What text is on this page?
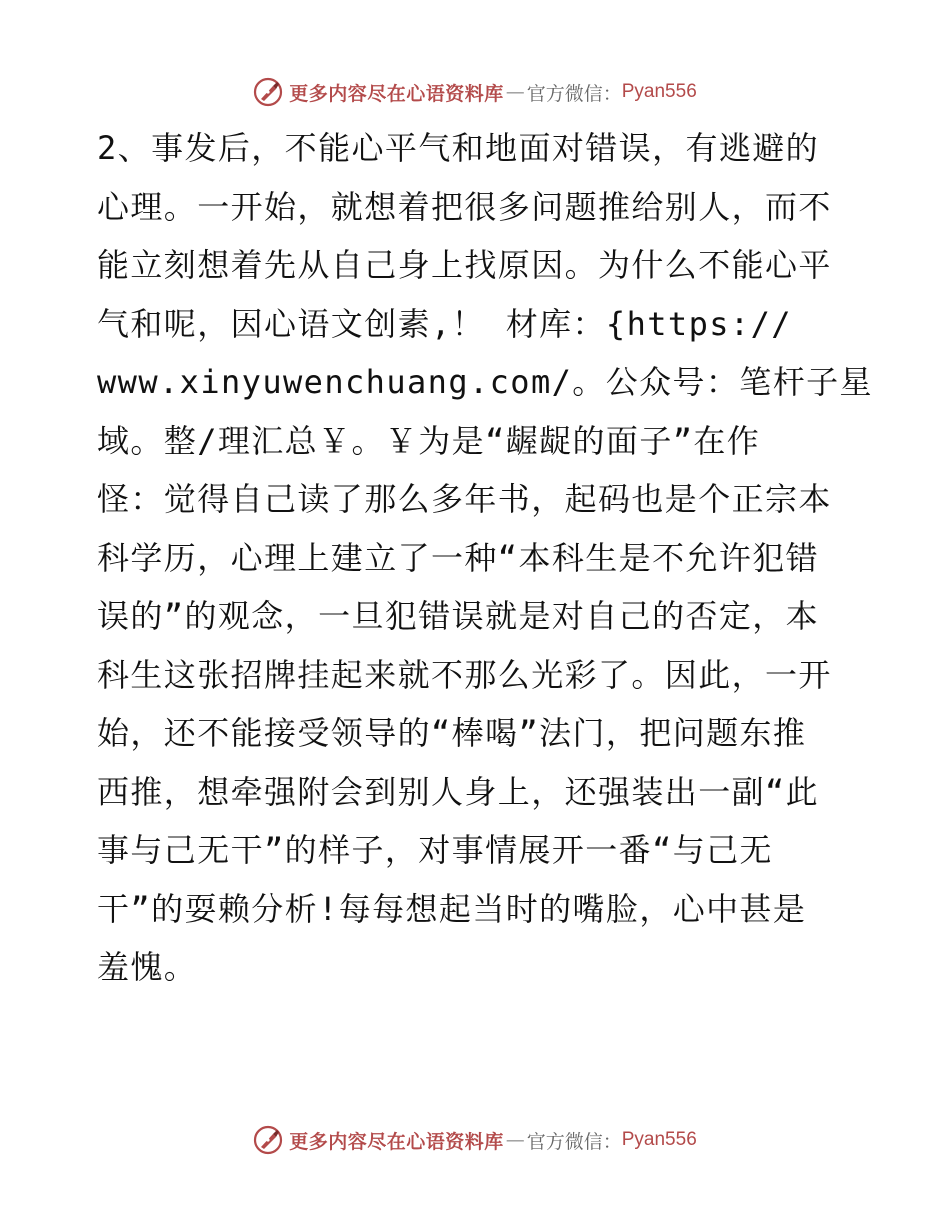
更多内容尽在心语资料库 — 官方微信： Pyan556
2、事发后，不能心平气和地面对错误，有逃避的
心理。一开始，就想着把很多问题推给别人，而不
能立刻想着先从自己身上找原因。为什么不能心平
气和呢，因心语文创素,！ 材库：{https://
www.xinyuwenchuang.com/。公众号：笔杆子星
域。整/理汇总￥。￥为是“龌龊的面子”在作
怪：觉得自己读了那么多年书，起码也是个正宗本
科学历，心理上建立了一种“本科生是不允许犯错
误的”的观念，一旦犯错误就是对自己的否定，本
科生这张招牌挂起来就不那么光彩了。因此，一开
始，还不能接受领导的“棒喝”法门，把问题东推
西推，想牵强附会到别人身上，还强装出一副“此
事与己无干”的样子，对事情展开一番“与己无
干”的耍赖分析!每每想起当时的嘴脸，心中甚是
羞愧。
更多内容尽在心语资料库 — 官方微信： Pyan556
